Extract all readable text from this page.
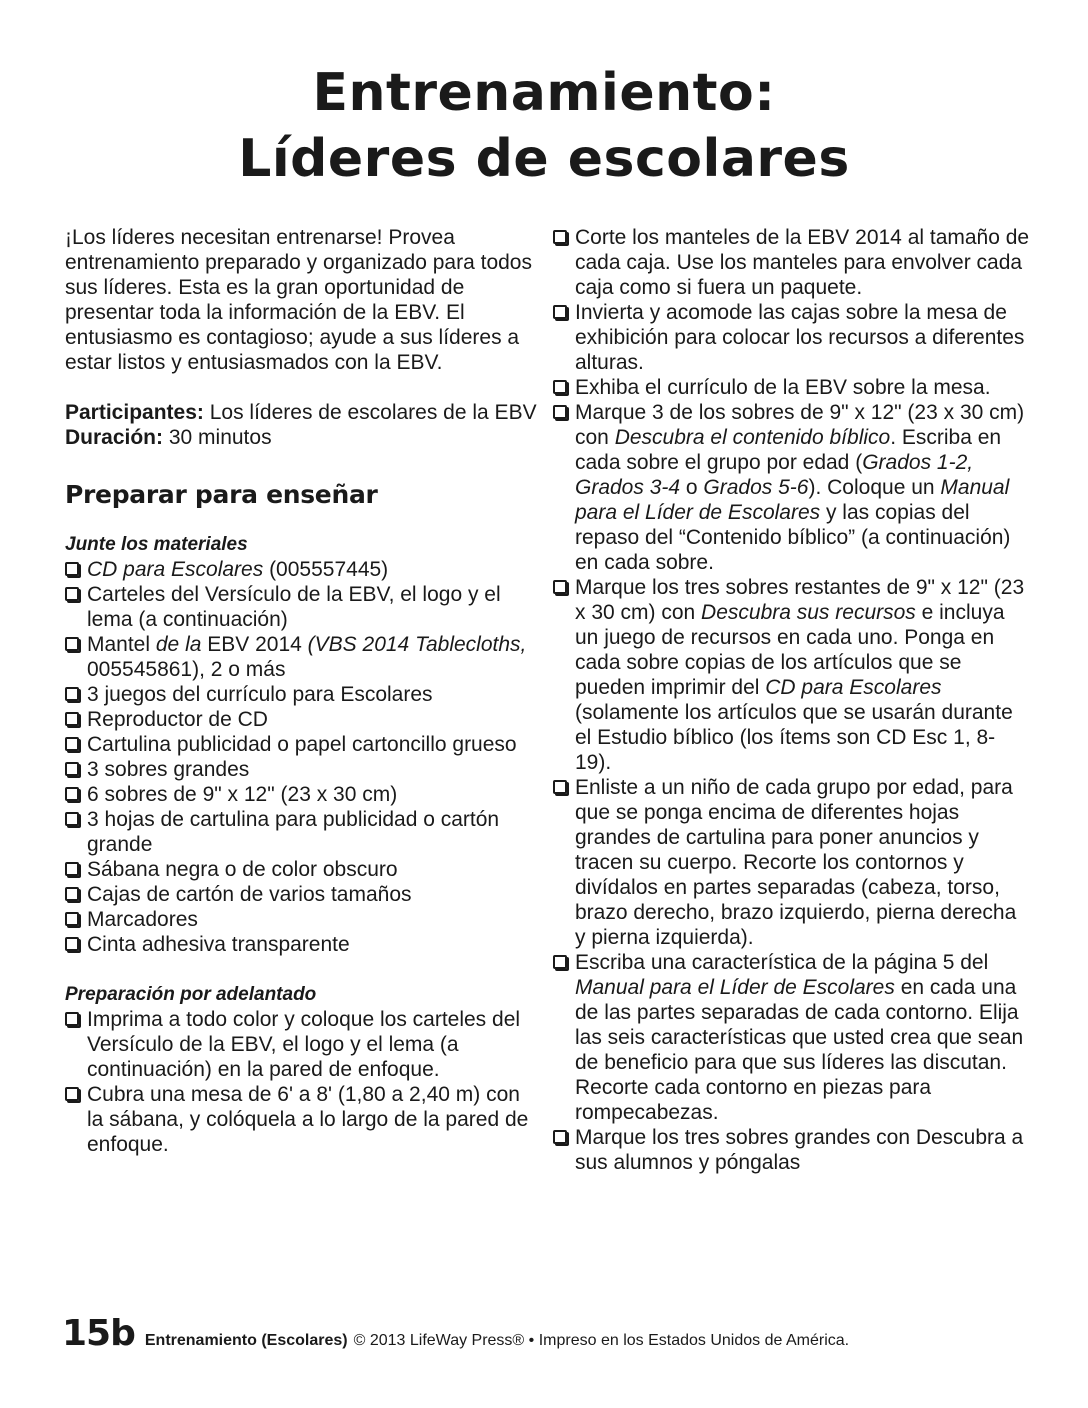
Entrenamiento:
Líderes de escolares

¡Los líderes necesitan entrenarse! Provea entrenamiento preparado y organizado para todos sus líderes. Esta es la gran oportunidad de presentar toda la información de la EBV. El entusiasmo es contagioso; ayude a sus líderes a estar listos y entusiasmados con la EBV.

Participantes: Los líderes de escolares de la EBV

Duración: 30 minutos

Preparar para enseñar
Junte los materiales
CD para Escolares (005557445)
Carteles del Versículo de la EBV, el logo y el lema (a continuación)
Mantel de la EBV 2014 (VBS 2014 Tablecloths, 005545861), 2 o más
3 juegos del currículo para Escolares
Reproductor de CD
Cartulina publicidad o papel cartoncillo grueso
3 sobres grandes
6 sobres de 9" x 12" (23 x 30 cm)
3 hojas de cartulina para publicidad o cartón grande
Sábana negra o de color obscuro
Cajas de cartón de varios tamaños
Marcadores
Cinta adhesiva transparente
Preparación por adelantado
Imprima a todo color y coloque los carteles del Versículo de la EBV, el logo y el lema (a continuación) en la pared de enfoque.
Cubra una mesa de 6' a 8' (1,80 a 2,40 m) con la sábana, y colóquela a lo largo de la pared de enfoque.
Corte los manteles de la EBV 2014 al tamaño de cada caja. Use los manteles para envolver cada caja como si fuera un paquete.
Invierta y acomode las cajas sobre la mesa de exhibición para colocar los recursos a diferentes alturas.
Exhiba el currículo de la EBV sobre la mesa.
Marque 3 de los sobres de 9" x 12" (23 x 30 cm) con Descubra el contenido bíblico. Escriba en cada sobre el grupo por edad (Grados 1-2, Grados 3-4 o Grados 5-6). Coloque un Manual para el Líder de Escolares y las copias del repaso del “Contenido bíblico” (a continuación) en cada sobre.
Marque los tres sobres restantes de 9" x 12" (23 x 30 cm) con Descubra sus recursos e incluya un juego de recursos en cada uno. Ponga en cada sobre copias de los artículos que se pueden imprimir del CD para Escolares (solamente los artículos que se usarán durante el Estudio bíblico (los ítems son CD Esc 1, 8-19).
Enliste a un niño de cada grupo por edad, para que se ponga encima de diferentes hojas grandes de cartulina para poner anuncios y tracen su cuerpo. Recorte los contornos y divídalos en partes separadas (cabeza, torso, brazo derecho, brazo izquierdo, pierna derecha y pierna izquierda).
Escriba una característica de la página 5 del Manual para el Líder de Escolares en cada una de las partes separadas de cada contorno. Elija las seis características que usted crea que sean de beneficio para que sus líderes las discutan. Recorte cada contorno en piezas para rompecabezas.
Marque los tres sobres grandes con Descubra a sus alumnos y póngalas
15b Entrenamiento (Escolares) © 2013 LifeWay Press® • Impreso en los Estados Unidos de América.
